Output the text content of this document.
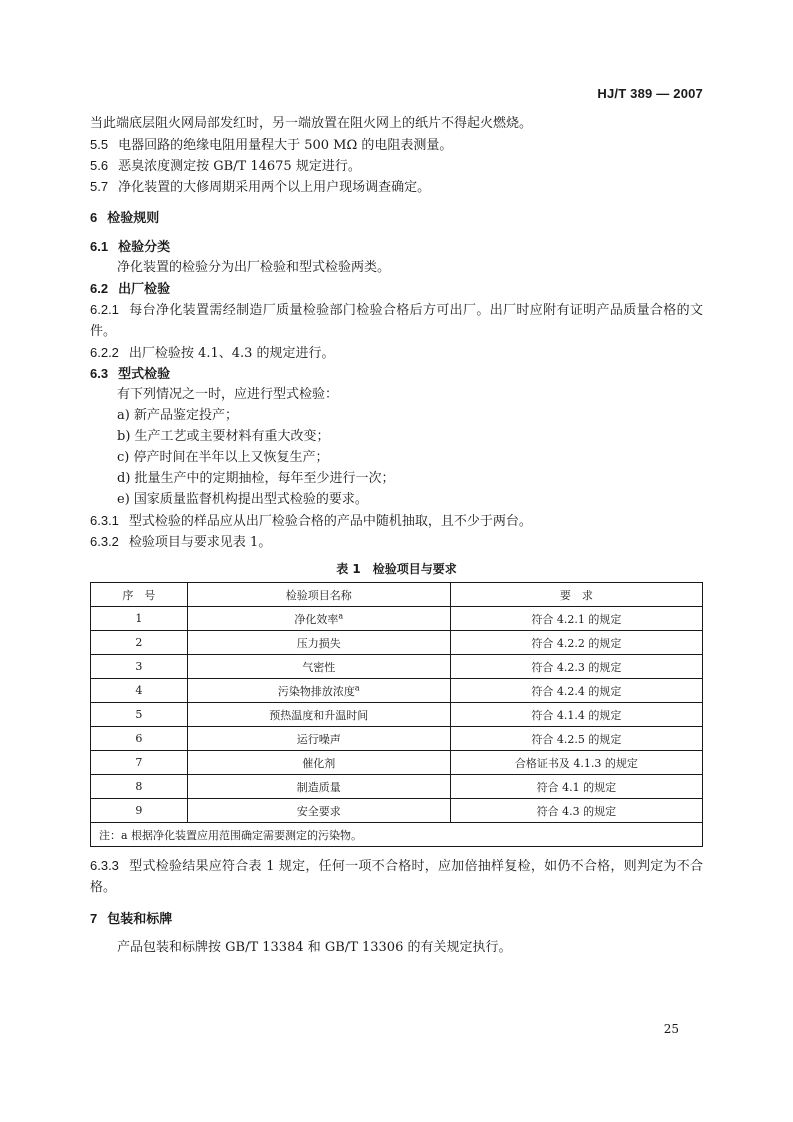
HJ/T 389 — 2007
当此端底层阻火网局部发红时，另一端放置在阻火网上的纸片不得起火燃烧。
5.5 电器回路的绝缘电阻用量程大于 500 MΩ 的电阻表测量。
5.6 恶臭浓度测定按 GB/T 14675 规定进行。
5.7 净化装置的大修周期采用两个以上用户现场调查确定。
6 检验规则
6.1 检验分类
净化装置的检验分为出厂检验和型式检验两类。
6.2 出厂检验
6.2.1 每台净化装置需经制造厂质量检验部门检验合格后方可出厂。出厂时应附有证明产品质量合格的文件。
6.2.2 出厂检验按 4.1、4.3 的规定进行。
6.3 型式检验
有下列情况之一时，应进行型式检验：
a) 新产品鉴定投产；
b) 生产工艺或主要材料有重大改变；
c) 停产时间在半年以上又恢复生产；
d) 批量生产中的定期抽检，每年至少进行一次；
e) 国家质量监督机构提出型式检验的要求。
6.3.1 型式检验的样品应从出厂检验合格的产品中随机抽取，且不少于两台。
6.3.2 检验项目与要求见表 1。
表 1　检验项目与要求
序　号	检验项目名称	要　求
1	净化效率$^a$	符合 4.2.1 的规定
2	压力损失	符合 4.2.2 的规定
3	气密性	符合 4.2.3 的规定
4	污染物排放浓度$^a$	符合 4.2.4 的规定
5	预热温度和升温时间	符合 4.1.4 的规定
6	运行噪声	符合 4.2.5 的规定
7	催化剂	合格证书及 4.1.3 的规定
8	制造质量	符合 4.1 的规定
9	安全要求	符合 4.3 的规定
注：a 根据净化装置应用范围确定需要测定的污染物。		
6.3.3 型式检验结果应符合表 1 规定，任何一项不合格时，应加倍抽样复检，如仍不合格，则判定为不合格。
7 包装和标牌
产品包装和标牌按 GB/T 13384 和 GB/T 13306 的有关规定执行。
25
